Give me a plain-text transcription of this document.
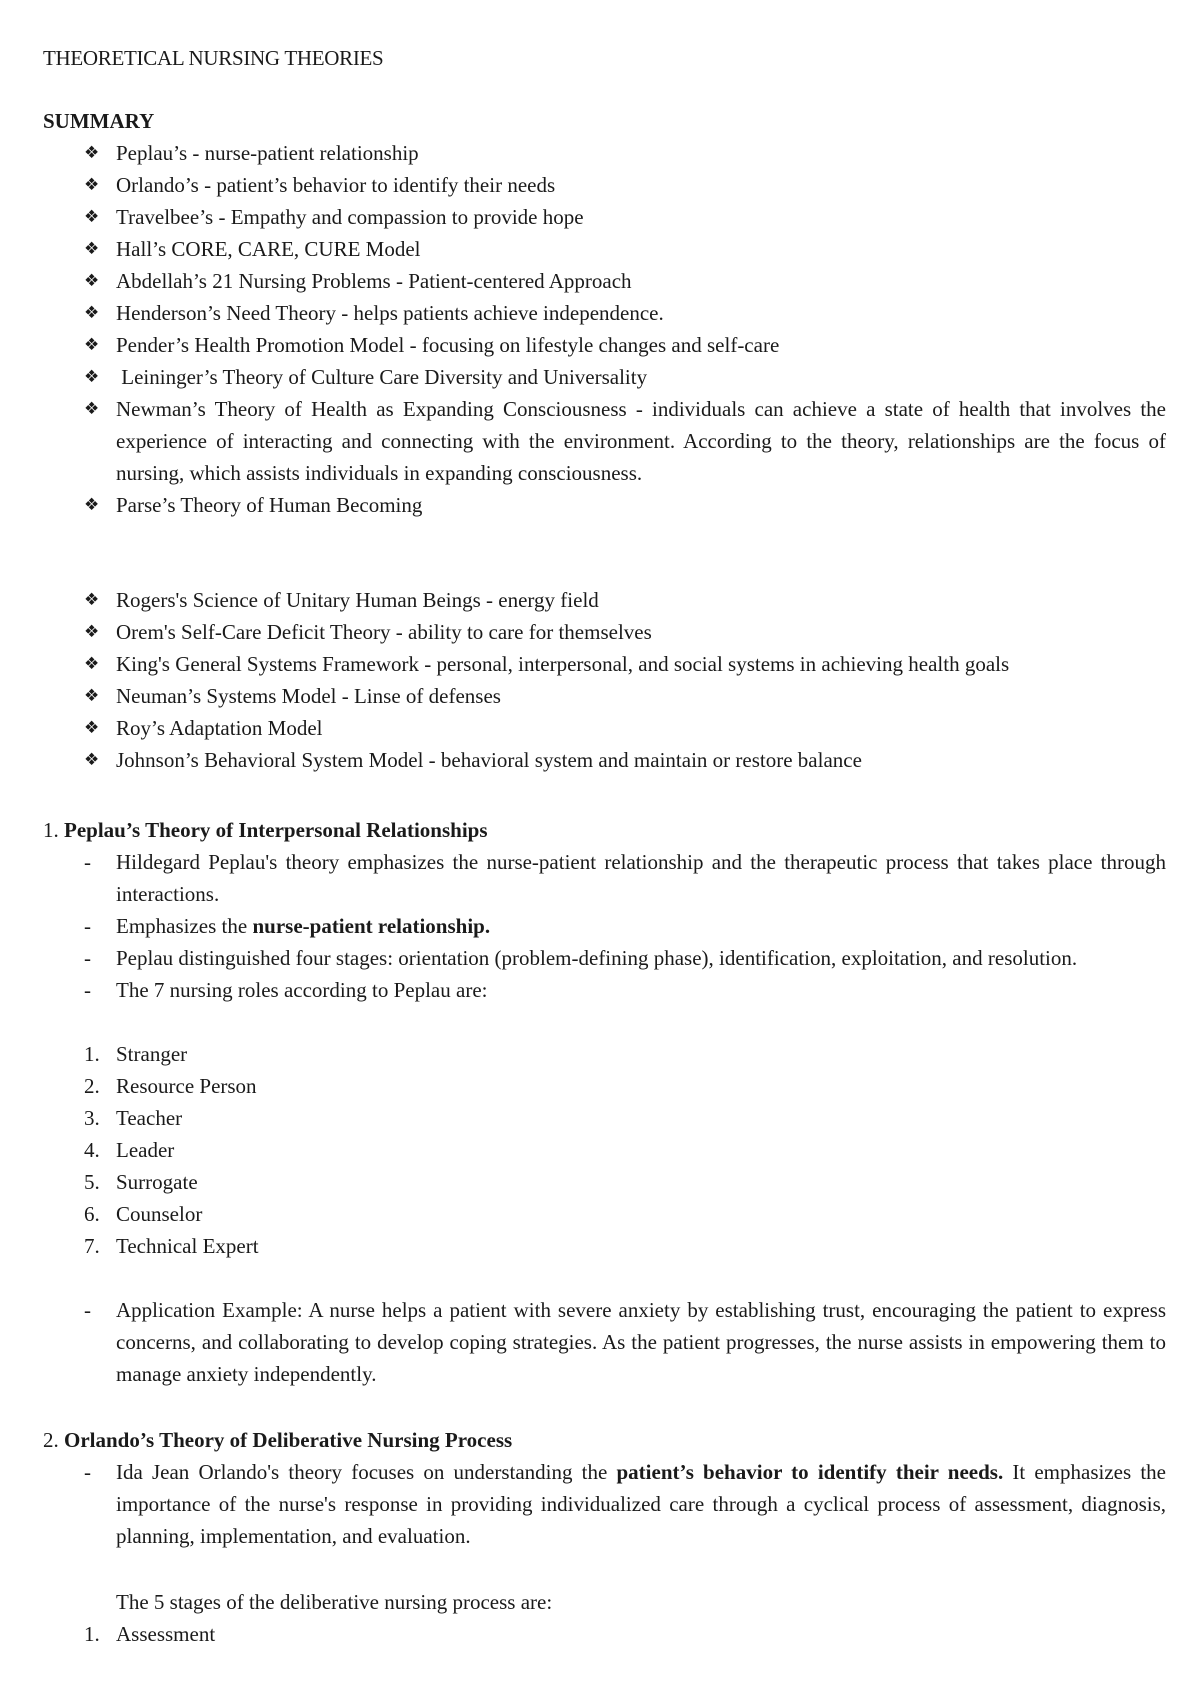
THEORETICAL NURSING THEORIES
SUMMARY
❖ Peplau’s - nurse-patient relationship
❖ Orlando’s - patient’s behavior to identify their needs
❖ Travelbee’s - Empathy and compassion to provide hope
❖ Hall’s CORE, CARE, CURE Model
❖ Abdellah’s 21 Nursing Problems - Patient-centered Approach
❖ Henderson’s Need Theory - helps patients achieve independence.
❖ Pender’s Health Promotion Model - focusing on lifestyle changes and self-care
❖ Leininger’s Theory of Culture Care Diversity and Universality
❖ Newman’s Theory of Health as Expanding Consciousness - individuals can achieve a state of health that involves the experience of interacting and connecting with the environment. According to the theory, relationships are the focus of nursing, which assists individuals in expanding consciousness.
❖ Parse’s Theory of Human Becoming
❖ Rogers's Science of Unitary Human Beings - energy field
❖ Orem's Self-Care Deficit Theory - ability to care for themselves
❖ King's General Systems Framework - personal, interpersonal, and social systems in achieving health goals
❖ Neuman’s Systems Model - Linse of defenses
❖ Roy’s Adaptation Model
❖ Johnson’s Behavioral System Model - behavioral system and maintain or restore balance
1. Peplau’s Theory of Interpersonal Relationships
- Hildegard Peplau's theory emphasizes the nurse-patient relationship and the therapeutic process that takes place through interactions.
- Emphasizes the nurse-patient relationship.
- Peplau distinguished four stages: orientation (problem-defining phase), identification, exploitation, and resolution.
- The 7 nursing roles according to Peplau are:
1. Stranger
2. Resource Person
3. Teacher
4. Leader
5. Surrogate
6. Counselor
7. Technical Expert
- Application Example: A nurse helps a patient with severe anxiety by establishing trust, encouraging the patient to express concerns, and collaborating to develop coping strategies. As the patient progresses, the nurse assists in empowering them to manage anxiety independently.
2. Orlando’s Theory of Deliberative Nursing Process
- Ida Jean Orlando's theory focuses on understanding the patient’s behavior to identify their needs. It emphasizes the importance of the nurse's response in providing individualized care through a cyclical process of assessment, diagnosis, planning, implementation, and evaluation.
The 5 stages of the deliberative nursing process are:
1. Assessment
